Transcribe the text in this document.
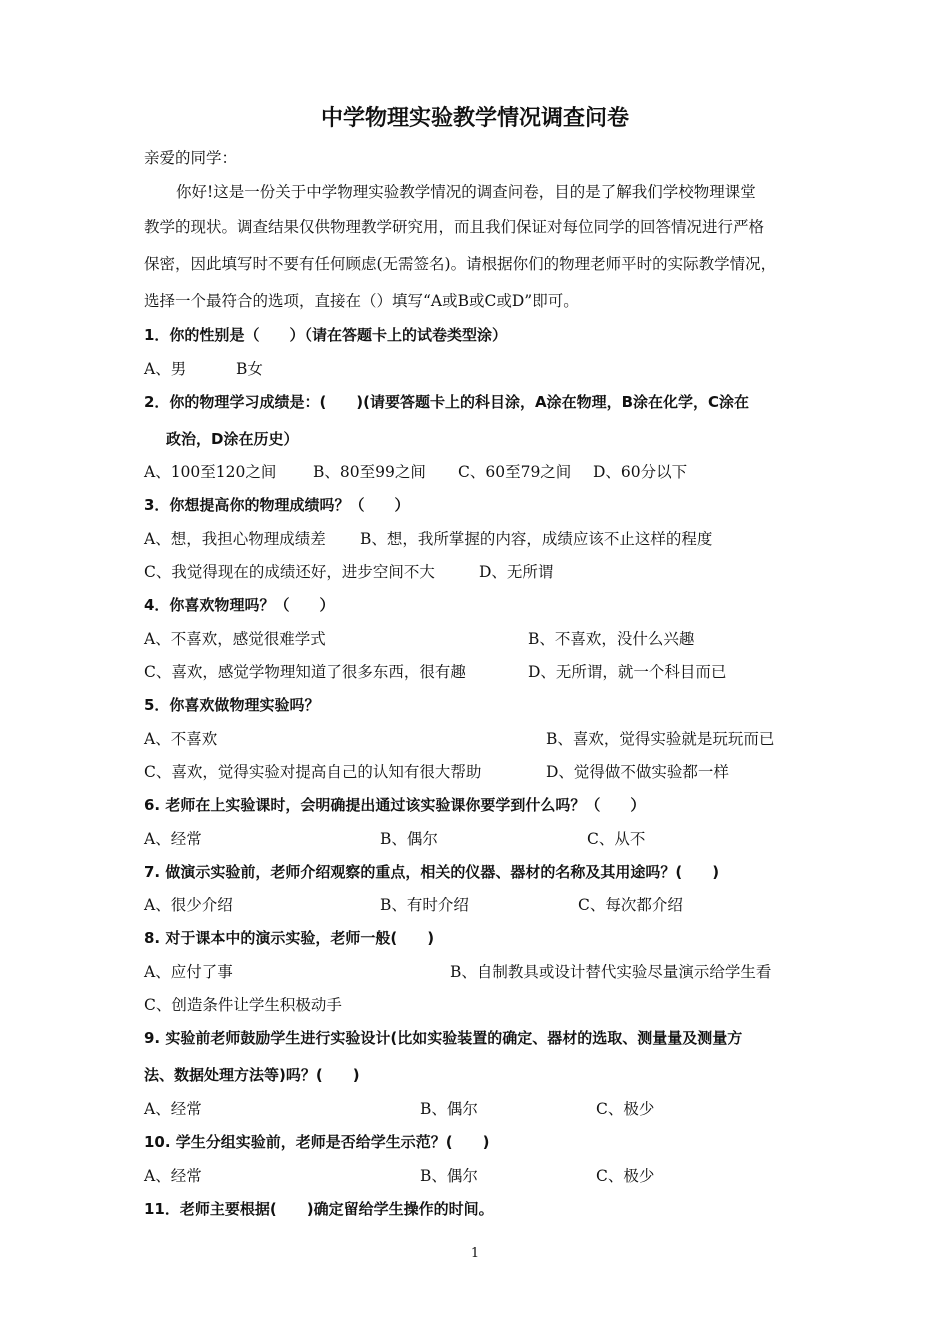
中学物理实验教学情况调查问卷
亲爱的同学：
你好!这是一份关于中学物理实验教学情况的调查问卷，目的是了解我们学校物理课堂
教学的现状。调查结果仅供物理教学研究用，而且我们保证对每位同学的回答情况进行严格
保密，因此填写时不要有任何顾虑(无需签名)。请根据你们的物理老师平时的实际教学情况，
选择一个最符合的选项，直接在（）填写“A或B或C或D”即可。
1．你的性别是（　　）（请在答题卡上的试卷类型涂）
A、男	B女
2．你的物理学习成绩是：(　　)(请要答题卡上的科目涂，A涂在物理，B涂在化学，C涂在
政治，D涂在历史）
A、100至120之间 B、80至99之间 C、60至79之间 D、60分以下
3．你想提高你的物理成绩吗？（　　）
A、想，我担心物理成绩差 B、想，我所掌握的内容，成绩应该不止这样的程度
C、我觉得现在的成绩还好，进步空间不大	D、无所谓
4．你喜欢物理吗？（　　）
A、不喜欢，感觉很难学式	B、不喜欢，没什么兴趣
C、喜欢，感觉学物理知道了很多东西，很有趣	D、无所谓，就一个科目而已
5．你喜欢做物理实验吗？
A、不喜欢	B、喜欢，觉得实验就是玩玩而已
C、喜欢，觉得实验对提高自己的认知有很大帮助	D、觉得做不做实验都一样
6. 老师在上实验课时，会明确提出通过该实验课你要学到什么吗？（　　）
A、经常	B、偶尔	C、从不
7. 做演示实验前，老师介绍观察的重点，相关的仪器、器材的名称及其用途吗？(　　)
A、很少介绍	B、有时介绍	C、每次都介绍
8. 对于课本中的演示实验，老师一般(　　)
A、应付了事	B、自制教具或设计替代实验尽量演示给学生看
C、创造条件让学生积极动手
9. 实验前老师鼓励学生进行实验设计(比如实验装置的确定、器材的选取、测量量及测量方
法、数据处理方法等)吗？(　　)
A、经常	B、偶尔	C、极少
10. 学生分组实验前，老师是否给学生示范？(　　)
A、经常	B、偶尔	C、极少
11．老师主要根据(　　)确定留给学生操作的时间。
1
